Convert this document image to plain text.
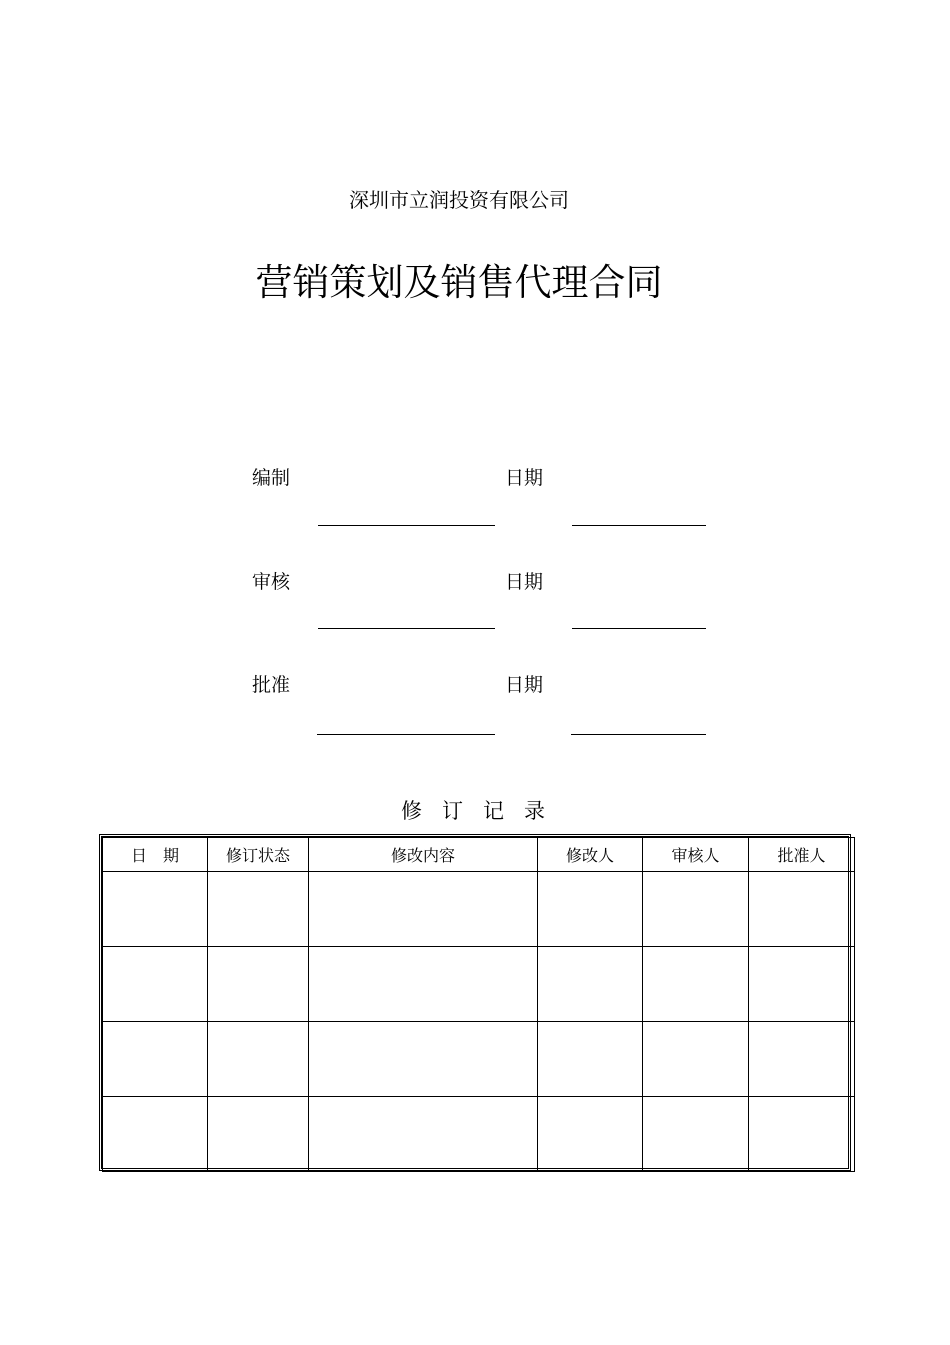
深圳市立润投资有限公司
营销策划及销售代理合同
编制	日期
审核	日期
批准	日期
修订记录
日　期	修订状态	修改内容	修改人	审核人	批准人
